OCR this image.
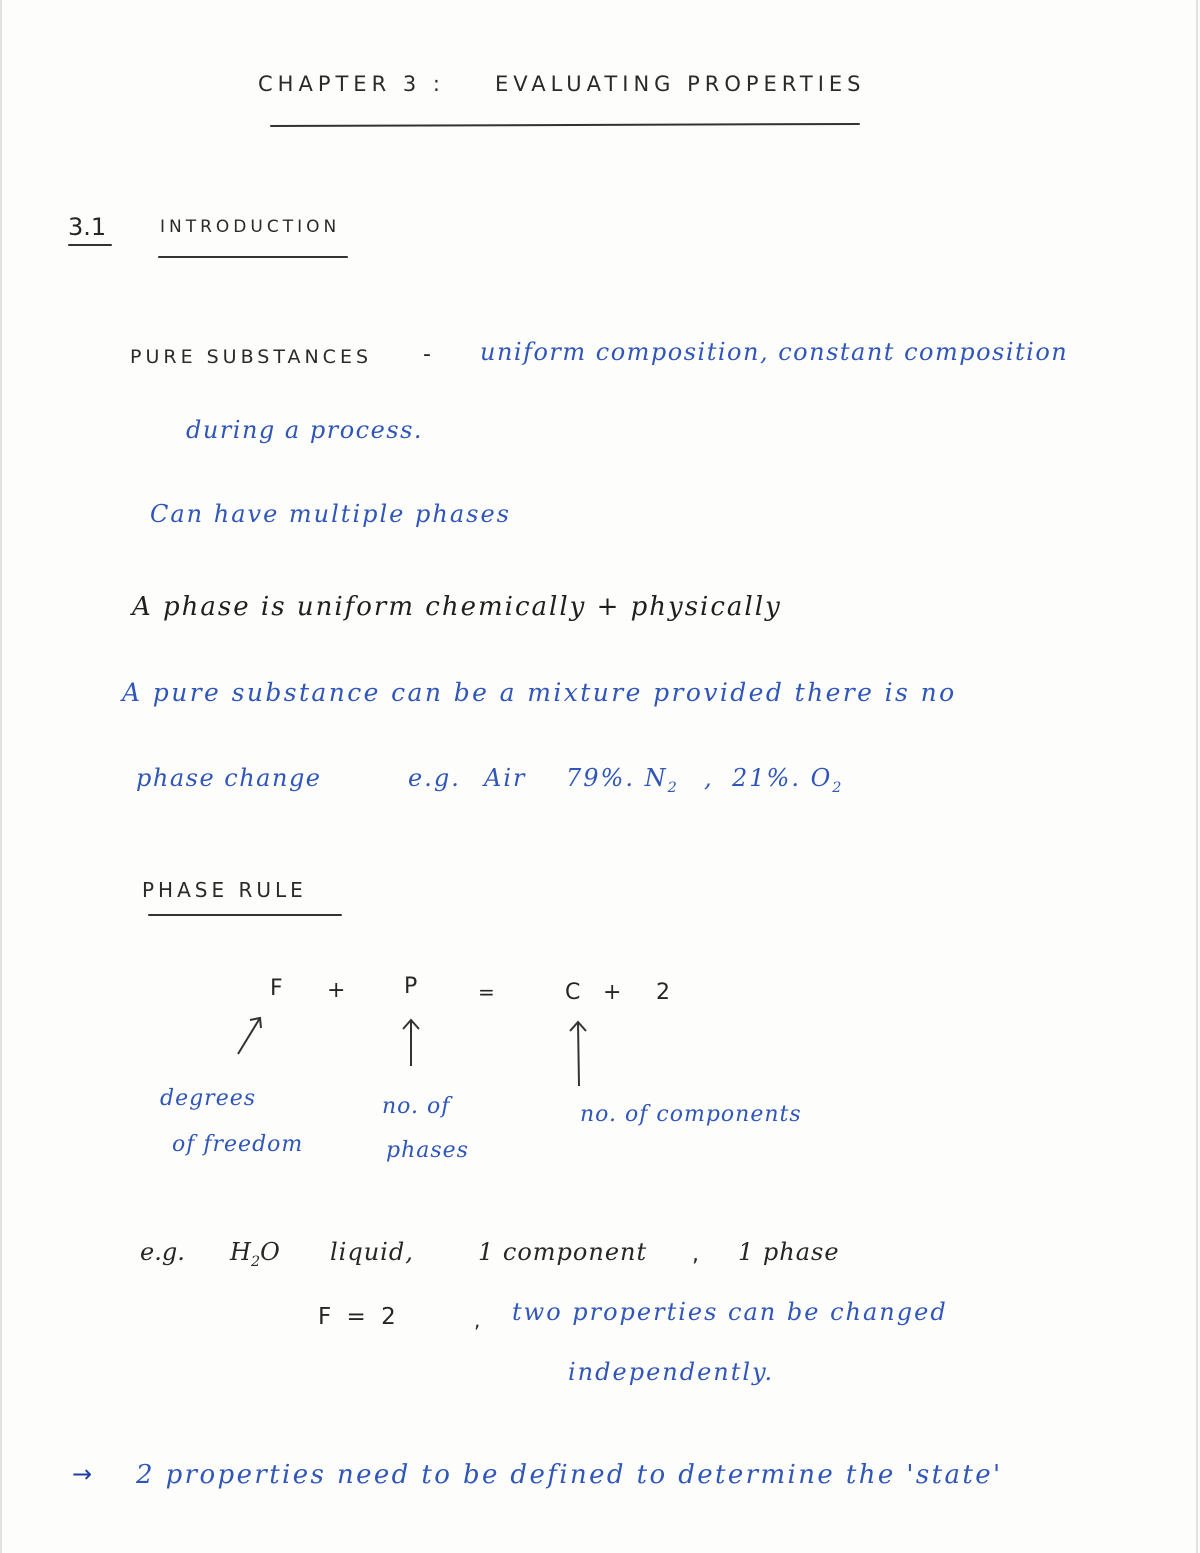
CHAPTER 3 : EVALUATING PROPERTIES
3.1	INTRODUCTION
PURE SUBSTANCES - uniform composition, constant composition
during a process.
Can have multiple phases
A phase is uniform chemically + physically
A pure substance can be a mixture provided there is no
phase change	e.g. Air 79%. $N_2$ , 21%. $O_2$
PHASE RULE
F +	P	=	C + 2
degrees
of freedom
no. of
phases
no. of components
e.g. $H_2O$ liquid,	1 component , 1 phase
F = 2	, two properties can be changed
independently.
→ 2 properties need to be defined to determine the 'state'
